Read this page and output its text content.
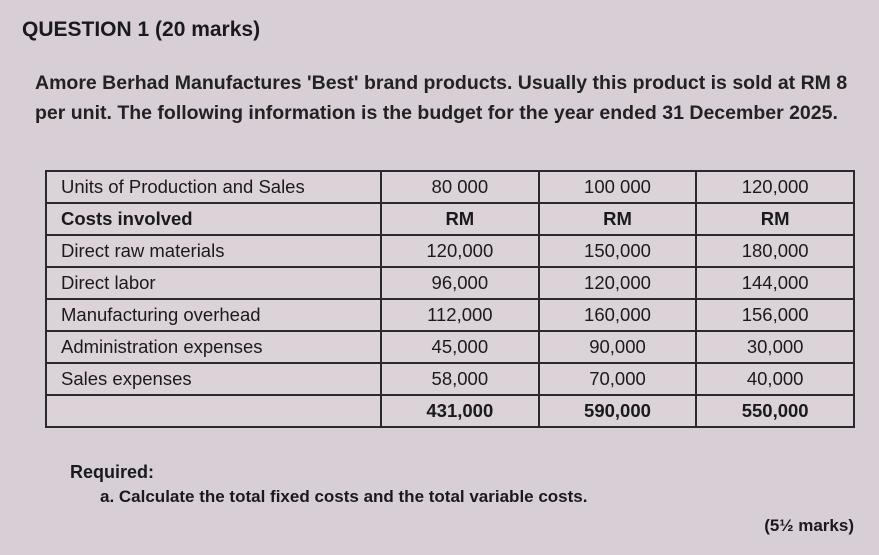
QUESTION 1 (20 marks)
Amore Berhad Manufactures 'Best' brand products. Usually this product is sold at RM 8 per unit. The following information is the budget for the year ended 31 December 2025.
Units of Production and Sales	80 000	100 000	120,000
Costs involved	RM	RM	RM
Direct raw materials	120,000	150,000	180,000
Direct labor	96,000	120,000	144,000
Manufacturing overhead	112,000	160,000	156,000
Administration expenses	45,000	90,000	30,000
Sales expenses	58,000	70,000	40,000
	431,000	590,000	550,000
Required:
a. Calculate the total fixed costs and the total variable costs.
(5½ marks)
